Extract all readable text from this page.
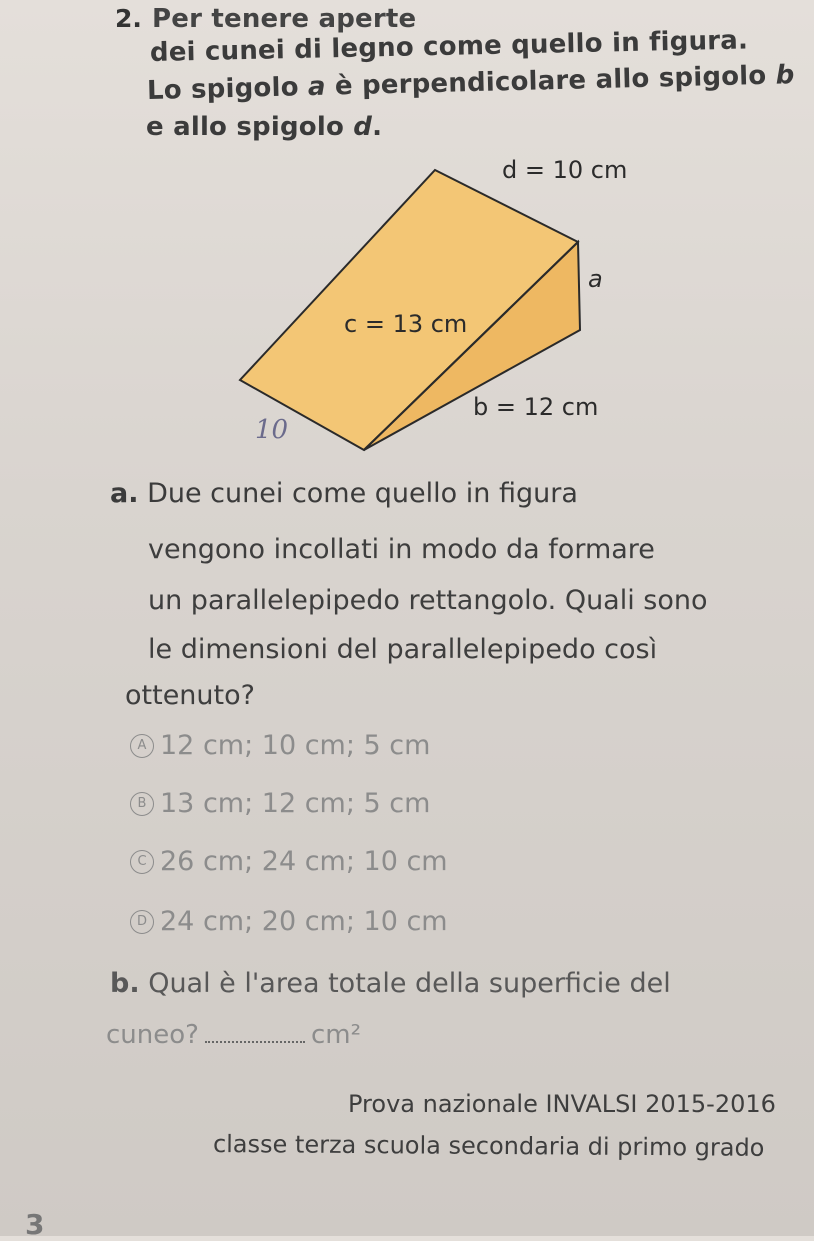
2. Per tenere aperte
dei cunei di legno come quello in figura.
Lo spigolo a è perpendicolare allo spigolo b
e allo spigolo d.
d = 10 cm
a
c = 13 cm
b = 12 cm
10
a. Due cunei come quello in figura
vengono incollati in modo da formare
un parallelepipedo rettangolo. Quali sono
le dimensioni del parallelepipedo così
ottenuto?
A 12 cm; 10 cm; 5 cm
B 13 cm; 12 cm; 5 cm
C 26 cm; 24 cm; 10 cm
D 24 cm; 20 cm; 10 cm
b. Qual è l'area totale della superficie del
cuneo?	cm²
Prova nazionale INVALSI 2015-2016
classe terza scuola secondaria di primo grado
3
